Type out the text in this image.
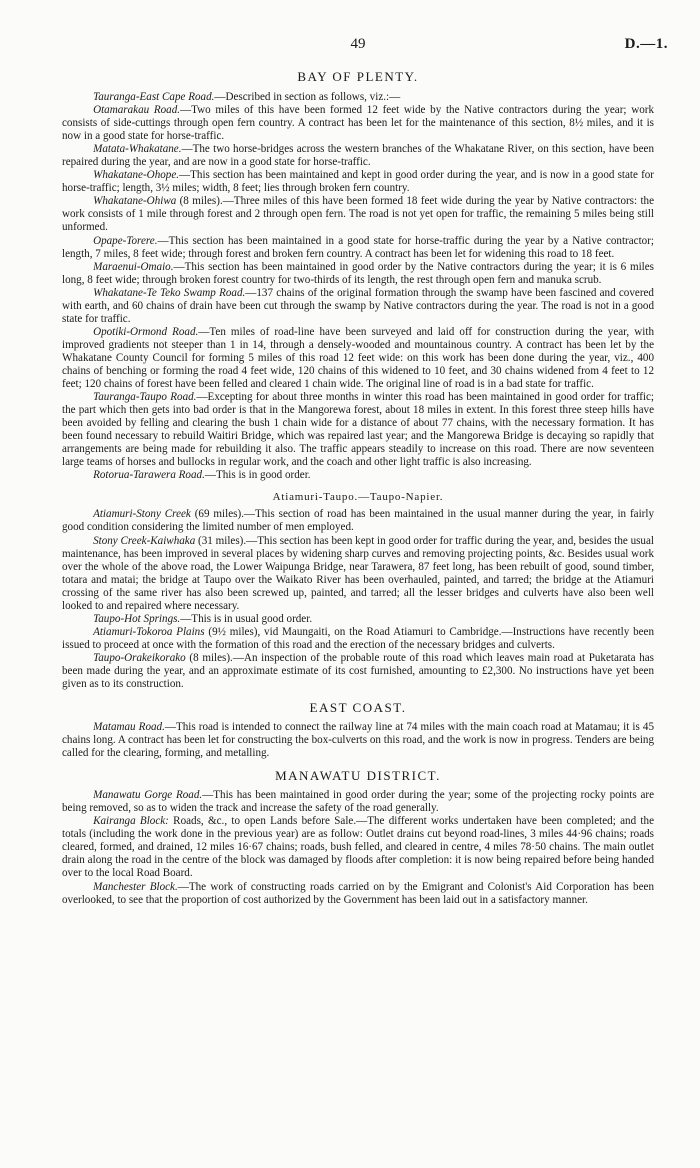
49	D.—1.
BAY OF PLENTY.

Tauranga-East Cape Road.—Described in section as follows, viz.:—

Otamarakau Road.—Two miles of this have been formed 12 feet wide by the Native contractors during the year; work consists of side-cuttings through open fern country. A contract has been let for the maintenance of this section, 8½ miles, and it is now in a good state for horse-traffic.

Matata-Whakatane.—The two horse-bridges across the western branches of the Whakatane River, on this section, have been repaired during the year, and are now in a good state for horse-traffic.

Whakatane-Ohope.—This section has been maintained and kept in good order during the year, and is now in a good state for horse-traffic; length, 3½ miles; width, 8 feet; lies through broken fern country.

Whakatane-Ohiwa (8 miles).—Three miles of this have been formed 18 feet wide during the year by Native contractors: the work consists of 1 mile through forest and 2 through open fern. The road is not yet open for traffic, the remaining 5 miles being still unformed.

Opape-Torere.—This section has been maintained in a good state for horse-traffic during the year by a Native contractor; length, 7 miles, 8 feet wide; through forest and broken fern country. A contract has been let for widening this road to 18 feet.

Maraenui-Omaio.—This section has been maintained in good order by the Native contractors during the year; it is 6 miles long, 8 feet wide; through broken forest country for two-thirds of its length, the rest through open fern and manuka scrub.

Whakatane-Te Teko Swamp Road.—137 chains of the original formation through the swamp have been fascined and covered with earth, and 60 chains of drain have been cut through the swamp by Native contractors during the year. The road is not in a good state for traffic.

Opotiki-Ormond Road.—Ten miles of road-line have been surveyed and laid off for construction during the year, with improved gradients not steeper than 1 in 14, through a densely-wooded and mountainous country. A contract has been let by the Whakatane County Council for forming 5 miles of this road 12 feet wide: on this work has been done during the year, viz., 400 chains of benching or forming the road 4 feet wide, 120 chains of this widened to 10 feet, and 30 chains widened from 4 feet to 12 feet; 120 chains of forest have been felled and cleared 1 chain wide. The original line of road is in a bad state for traffic.

Tauranga-Taupo Road.—Excepting for about three months in winter this road has been maintained in good order for traffic; the part which then gets into bad order is that in the Mangorewa forest, about 18 miles in extent. In this forest three steep hills have been avoided by felling and clearing the bush 1 chain wide for a distance of about 77 chains, with the necessary formation. It has been found necessary to rebuild Waitiri Bridge, which was repaired last year; and the Mangorewa Bridge is decaying so rapidly that arrangements are being made for rebuilding it also. The traffic appears steadily to increase on this road. There are now seventeen large teams of horses and bullocks in regular work, and the coach and other light traffic is also increasing.

Rotorua-Tarawera Road.—This is in good order.

Atiamuri-Taupo.—Taupo-Napier.

Atiamuri-Stony Creek (69 miles).—This section of road has been maintained in the usual manner during the year, in fairly good condition considering the limited number of men employed.

Stony Creek-Kaiwhaka (31 miles).—This section has been kept in good order for traffic during the year, and, besides the usual maintenance, has been improved in several places by widening sharp curves and removing projecting points, &c. Besides usual work over the whole of the above road, the Lower Waipunga Bridge, near Tarawera, 87 feet long, has been rebuilt of good, sound timber, totara and matai; the bridge at Taupo over the Waikato River has been overhauled, painted, and tarred; the bridge at the Atiamuri crossing of the same river has also been screwed up, painted, and tarred; all the lesser bridges and culverts have also been well looked to and repaired where necessary.

Taupo-Hot Springs.—This is in usual good order.

Atiamuri-Tokoroa Plains (9½ miles), vid Maungaiti, on the Road Atiamuri to Cambridge.—Instructions have recently been issued to proceed at once with the formation of this road and the erection of the necessary bridges and culverts.

Taupo-Orakeikorako (8 miles).—An inspection of the probable route of this road which leaves main road at Puketarata has been made during the year, and an approximate estimate of its cost furnished, amounting to £2,300. No instructions have yet been given as to its construction.

EAST COAST.

Matamau Road.—This road is intended to connect the railway line at 74 miles with the main coach road at Matamau; it is 45 chains long. A contract has been let for constructing the box-culverts on this road, and the work is now in progress. Tenders are being called for the clearing, forming, and metalling.

MANAWATU DISTRICT.

Manawatu Gorge Road.—This has been maintained in good order during the year; some of the projecting rocky points are being removed, so as to widen the track and increase the safety of the road generally.

Kairanga Block: Roads, &c., to open Lands before Sale.—The different works undertaken have been completed; and the totals (including the work done in the previous year) are as follow: Outlet drains cut beyond road-lines, 3 miles 44·96 chains; roads cleared, formed, and drained, 12 miles 16·67 chains; roads, bush felled, and cleared in centre, 4 miles 78·50 chains. The main outlet drain along the road in the centre of the block was damaged by floods after completion: it is now being repaired before being handed over to the local Road Board.

Manchester Block.—The work of constructing roads carried on by the Emigrant and Colonist's Aid Corporation has been overlooked, to see that the proportion of cost authorized by the Government has been laid out in a satisfactory manner.
